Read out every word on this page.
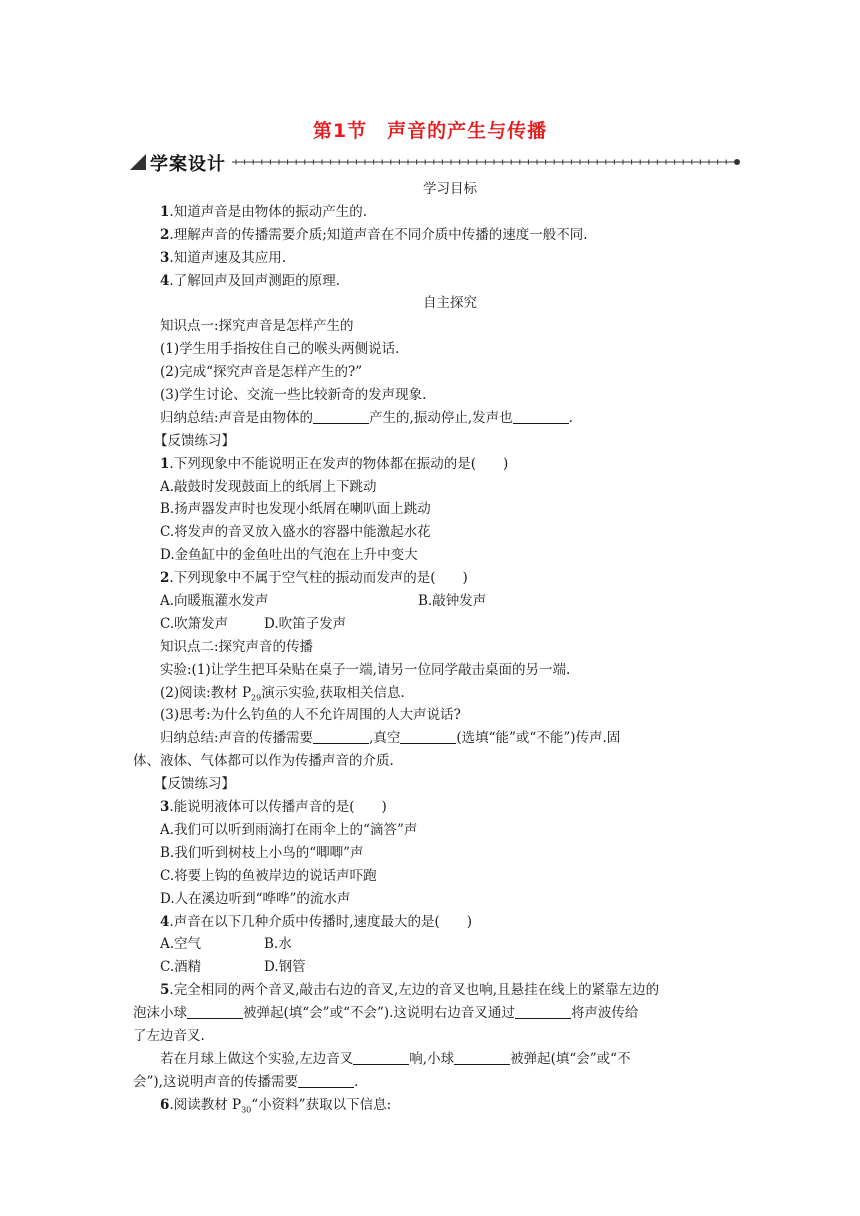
第1节　声音的产生与传播
学案设计
学习目标
1.知道声音是由物体的振动产生的.
2.理解声音的传播需要介质;知道声音在不同介质中传播的速度一般不同.
3.知道声速及其应用.
4.了解回声及回声测距的原理.
自主探究
知识点一:探究声音是怎样产生的
(1)学生用手指按住自己的喉头两侧说话.
(2)完成“探究声音是怎样产生的?”
(3)学生讨论、交流一些比较新奇的发声现象.
归纳总结:声音是由物体的	产生的,振动停止,发声也	.
【反馈练习】
1.下列现象中不能说明正在发声的物体都在振动的是(　　)
A.敲鼓时发现鼓面上的纸屑上下跳动
B.扬声器发声时也发现小纸屑在喇叭面上跳动
C.将发声的音叉放入盛水的容器中能激起水花
D.金鱼缸中的金鱼吐出的气泡在上升中变大
2.下列现象中不属于空气柱的振动而发声的是(　　)
A.向暖瓶灌水发声	B.敲钟发声
C.吹箫发声	D.吹笛子发声
知识点二:探究声音的传播
实验:(1)让学生把耳朵贴在桌子一端,请另一位同学敲击桌面的另一端.
(2)阅读:教材 $P_{29}$演示实验,获取相关信息.
(3)思考:为什么钓鱼的人不允许周围的人大声说话?
归纳总结:声音的传播需要	,真空	(选填“能”或“不能”)传声.固
体、液体、气体都可以作为传播声音的介质.
【反馈练习】
3.能说明液体可以传播声音的是(　　)
A.我们可以听到雨滴打在雨伞上的“滴答”声
B.我们听到树枝上小鸟的“唧唧”声
C.将要上钩的鱼被岸边的说话声吓跑
D.人在溪边听到“哗哗”的流水声
4.声音在以下几种介质中传播时,速度最大的是(　　)
A.空气	B.水
C.酒精	D.钢管
5.完全相同的两个音叉,敲击右边的音叉,左边的音叉也响,且悬挂在线上的紧靠左边的
泡沫小球	被弹起(填“会”或“不会”).这说明右边音叉通过	将声波传给
了左边音叉.
若在月球上做这个实验,左边音叉	响,小球	被弹起(填“会”或“不
会”),这说明声音的传播需要	.
6.阅读教材 $P_{30}“$小资料”获取以下信息:
